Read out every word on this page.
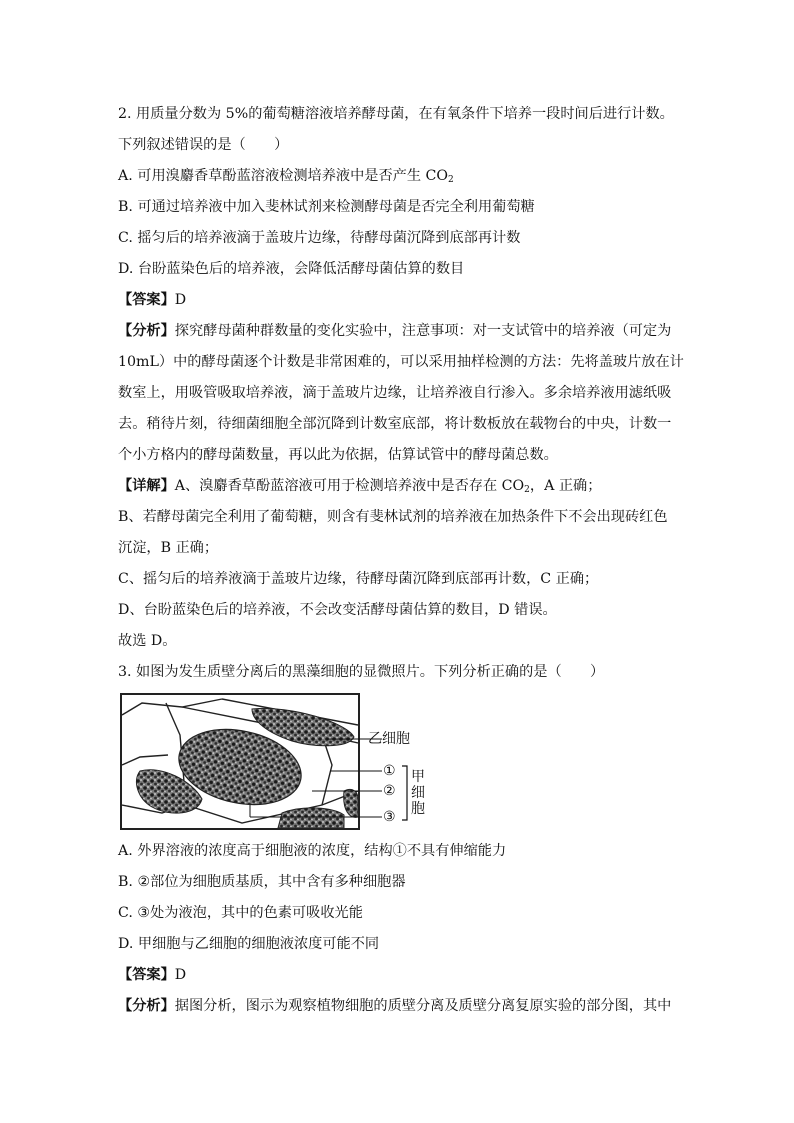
2. 用质量分数为 5%的葡萄糖溶液培养酵母菌，在有氧条件下培养一段时间后进行计数。
下列叙述错误的是（　　）
A. 可用溴麝香草酚蓝溶液检测培养液中是否产生 $CO_2$
B. 可通过培养液中加入斐林试剂来检测酵母菌是否完全利用葡萄糖
C. 摇匀后的培养液滴于盖玻片边缘，待酵母菌沉降到底部再计数
D. 台盼蓝染色后的培养液，会降低活酵母菌估算的数目
【答案】D
【分析】探究酵母菌种群数量的变化实验中，注意事项：对一支试管中的培养液（可定为
10mL）中的酵母菌逐个计数是非常困难的，可以采用抽样检测的方法：先将盖玻片放在计
数室上，用吸管吸取培养液，滴于盖玻片边缘，让培养液自行渗入。多余培养液用滤纸吸
去。稍待片刻，待细菌细胞全部沉降到计数室底部，将计数板放在载物台的中央，计数一
个小方格内的酵母菌数量，再以此为依据，估算试管中的酵母菌总数。
【详解】A、溴麝香草酚蓝溶液可用于检测培养液中是否存在 $CO_2$，A 正确；
B、若酵母菌完全利用了葡萄糖，则含有斐林试剂的培养液在加热条件下不会出现砖红色
沉淀，B 正确；
C、摇匀后的培养液滴于盖玻片边缘，待酵母菌沉降到底部再计数，C 正确；
D、台盼蓝染色后的培养液，不会改变活酵母菌估算的数目，D 错误。
故选 D。
3. 如图为发生质壁分离后的黑藻细胞的显微照片。下列分析正确的是（　　）
乙细胞
①
②
③
甲
细
胞
A. 外界溶液的浓度高于细胞液的浓度，结构①不具有伸缩能力
B. ②部位为细胞质基质，其中含有多种细胞器
C. ③处为液泡，其中的色素可吸收光能
D. 甲细胞与乙细胞的细胞液浓度可能不同
【答案】D
【分析】据图分析，图示为观察植物细胞的质壁分离及质壁分离复原实验的部分图，其中
